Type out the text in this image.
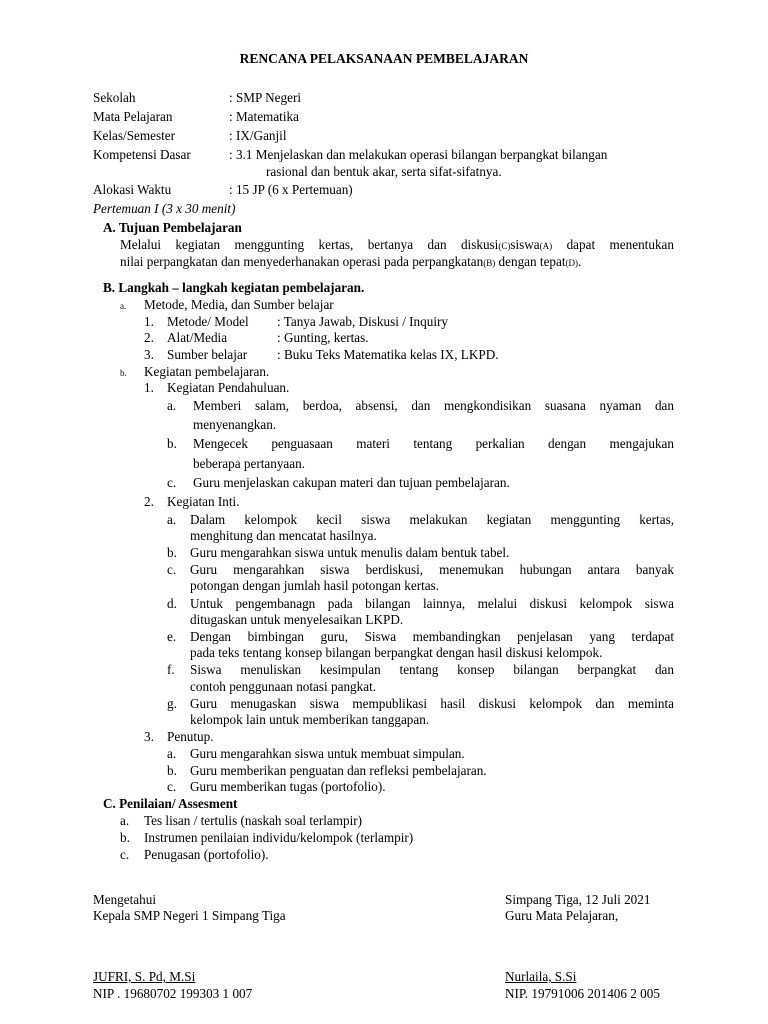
RENCANA PELAKSANAAN PEMBELAJARAN
Sekolah	: SMP Negeri
Mata Pelajaran	: Matematika
Kelas/Semester	: IX/Ganjil
Kompetensi Dasar	: 3.1 Menjelaskan dan melakukan operasi bilangan berpangkat bilangan
rasional dan bentuk akar, serta sifat-sifatnya.
Alokasi Waktu	: 15 JP (6 x Pertemuan)
Pertemuan I (3 x 30 menit)
A. Tujuan Pembelajaran
Melalui kegiatan menggunting kertas, bertanya dan diskusi(C)siswa(A) dapat menentukan
nilai perpangkatan dan menyederhanakan operasi pada perpangkatan(B) dengan tepat(D).
B. Langkah – langkah kegiatan pembelajaran.
a. Metode, Media, dan Sumber belajar
1. Metode/ Model : Tanya Jawab, Diskusi / Inquiry
2. Alat/Media	: Gunting, kertas.
3. Sumber belajar : Buku Teks Matematika kelas IX, LKPD.
b. Kegiatan pembelajaran.
1. Kegiatan Pendahuluan.
a. Memberi salam, berdoa, absensi, dan mengkondisikan suasana nyaman dan
menyenangkan.
b. Mengecek penguasaan materi tentang perkalian dengan mengajukan
beberapa pertanyaan.
c. Guru menjelaskan cakupan materi dan tujuan pembelajaran.
2. Kegiatan Inti.
a. Dalam kelompok kecil siswa melakukan kegiatan menggunting kertas,
menghitung dan mencatat hasilnya.
b. Guru mengarahkan siswa untuk menulis dalam bentuk tabel.
c. Guru mengarahkan siswa berdiskusi, menemukan hubungan antara banyak
potongan dengan jumlah hasil potongan kertas.
d. Untuk pengembanagn pada bilangan lainnya, melalui diskusi kelompok siswa
ditugaskan untuk menyelesaikan LKPD.
e. Dengan bimbingan guru, Siswa membandingkan penjelasan yang terdapat
pada teks tentang konsep bilangan berpangkat dengan hasil diskusi kelompok.
f. Siswa menuliskan kesimpulan tentang konsep bilangan berpangkat dan
contoh penggunaan notasi pangkat.
g. Guru menugaskan siswa mempublikasi hasil diskusi kelompok dan meminta
kelompok lain untuk memberikan tanggapan.
3. Penutup.
a. Guru mengarahkan siswa untuk membuat simpulan.
b. Guru memberikan penguatan dan refleksi pembelajaran.
c. Guru memberikan tugas (portofolio).
C. Penilaian/ Assesment
a. Tes lisan / tertulis (naskah soal terlampir)
b. Instrumen penilaian individu/kelompok (terlampir)
c. Penugasan (portofolio).
Mengetahui
Kepala SMP Negeri 1 Simpang Tiga
JUFRI, S. Pd, M.Si
NIP . 19680702 199303 1 007
Simpang Tiga, 12 Juli 2021
Guru Mata Pelajaran,
Nurlaila, S.Si
NIP. 19791006 201406 2 005
